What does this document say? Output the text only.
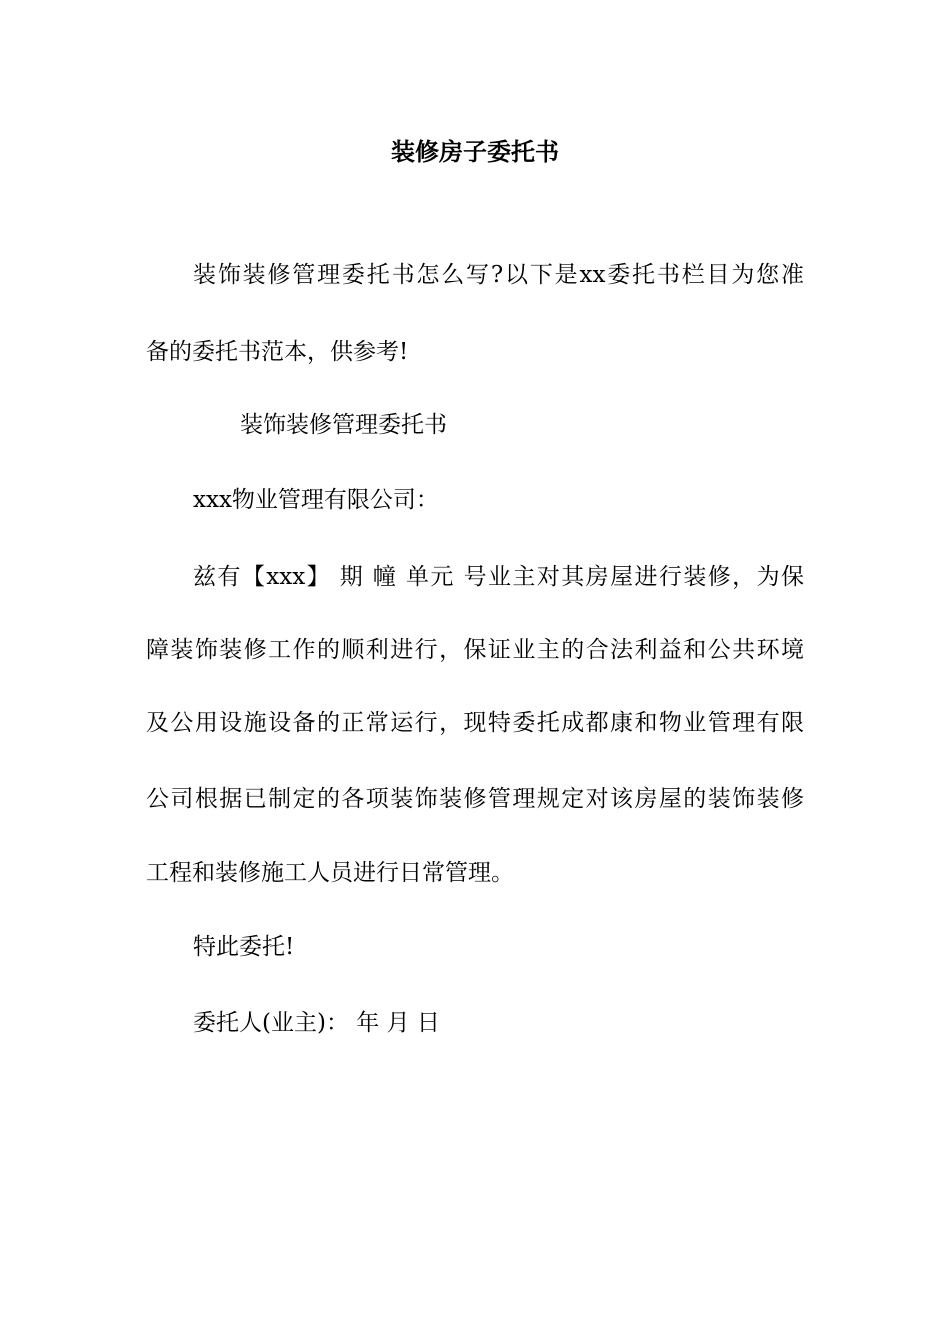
装修房子委托书
装饰装修管理委托书怎么写?以下是xx委托书栏目为您准
备的委托书范本，供参考!
装饰装修管理委托书
xxx物业管理有限公司：
兹有【xxx】 期 幢 单元 号业主对其房屋进行装修，为保
障装饰装修工作的顺利进行，保证业主的合法利益和公共环境
及公用设施设备的正常运行，现特委托成都康和物业管理有限
公司根据已制定的各项装饰装修管理规定对该房屋的装饰装修
工程和装修施工人员进行日常管理。
特此委托!
委托人(业主)： 年 月 日
